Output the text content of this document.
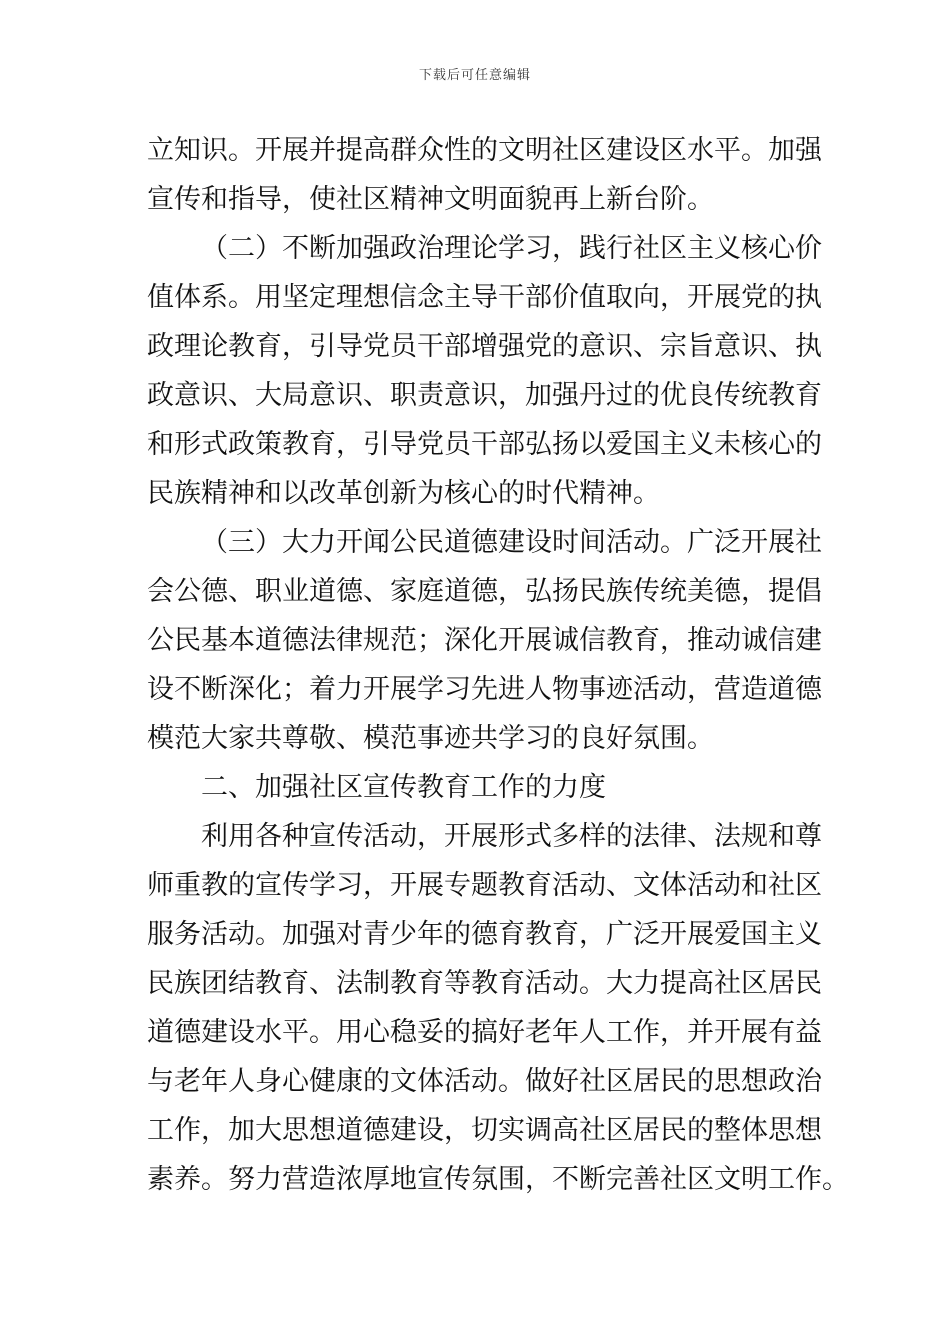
下载后可任意编辑
立知识。开展并提高群众性的文明社区建设区水平。加强
宣传和指导，使社区精神文明面貌再上新台阶。
（二）不断加强政治理论学习，践行社区主义核心价
值体系。用坚定理想信念主导干部价值取向，开展党的执
政理论教育，引导党员干部增强党的意识、宗旨意识、执
政意识、大局意识、职责意识，加强丹过的优良传统教育
和形式政策教育，引导党员干部弘扬以爱国主义未核心的
民族精神和以改革创新为核心的时代精神。
（三）大力开闻公民道德建设时间活动。广泛开展社
会公德、职业道德、家庭道德，弘扬民族传统美德，提倡
公民基本道德法律规范；深化开展诚信教育，推动诚信建
设不断深化；着力开展学习先进人物事迹活动，营造道德
模范大家共尊敬、模范事迹共学习的良好氛围。
二、加强社区宣传教育工作的力度
利用各种宣传活动，开展形式多样的法律、法规和尊
师重教的宣传学习，开展专题教育活动、文体活动和社区
服务活动。加强对青少年的德育教育，广泛开展爱国主义
民族团结教育、法制教育等教育活动。大力提高社区居民
道德建设水平。用心稳妥的搞好老年人工作，并开展有益
与老年人身心健康的文体活动。做好社区居民的思想政治
工作，加大思想道德建设，切实调高社区居民的整体思想
素养。努力营造浓厚地宣传氛围，不断完善社区文明工作。
